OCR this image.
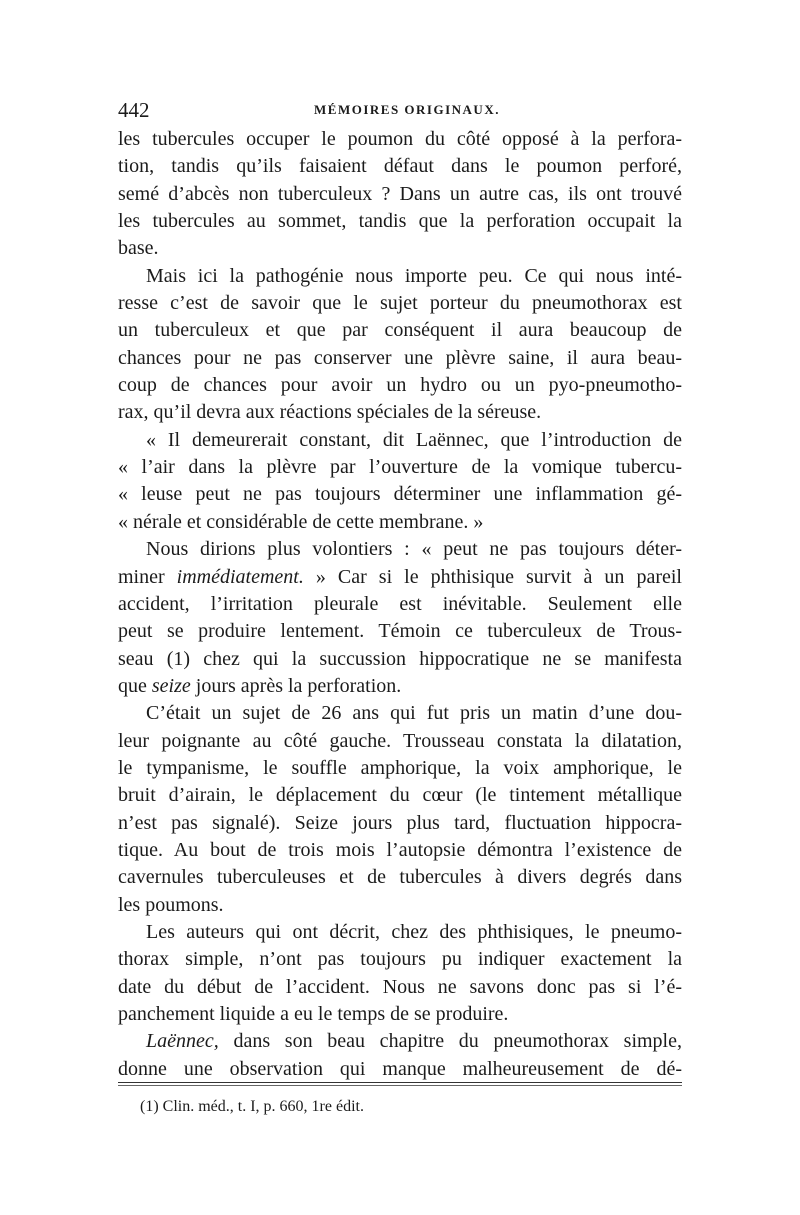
442	MÉMOIRES ORIGINAUX.
les tubercules occuper le poumon du côté opposé à la perfora-
tion, tandis qu’ils faisaient défaut dans le poumon perforé,
semé d’abcès non tuberculeux ? Dans un autre cas, ils ont trouvé
les tubercules au sommet, tandis que la perforation occupait la
base.
Mais ici la pathogénie nous importe peu. Ce qui nous inté-
resse c’est de savoir que le sujet porteur du pneumothorax est
un tuberculeux et que par conséquent il aura beaucoup de
chances pour ne pas conserver une plèvre saine, il aura beau-
coup de chances pour avoir un hydro ou un pyo-pneumotho-
rax, qu’il devra aux réactions spéciales de la séreuse.
« Il demeurerait constant, dit Laënnec, que l’introduction de
« l’air dans la plèvre par l’ouverture de la vomique tubercu-
« leuse peut ne pas toujours déterminer une inflammation gé-
« nérale et considérable de cette membrane. »
Nous dirions plus volontiers : « peut ne pas toujours déter-
miner immédiatement. » Car si le phthisique survit à un pareil
accident, l’irritation pleurale est inévitable. Seulement elle
peut se produire lentement. Témoin ce tuberculeux de Trous-
seau (1) chez qui la succussion hippocratique ne se manifesta
que seize jours après la perforation.
C’était un sujet de 26 ans qui fut pris un matin d’une dou-
leur poignante au côté gauche. Trousseau constata la dilatation,
le tympanisme, le souffle amphorique, la voix amphorique, le
bruit d’airain, le déplacement du cœur (le tintement métallique
n’est pas signalé). Seize jours plus tard, fluctuation hippocra-
tique. Au bout de trois mois l’autopsie démontra l’existence de
cavernules tuberculeuses et de tubercules à divers degrés dans
les poumons.
Les auteurs qui ont décrit, chez des phthisiques, le pneumo-
thorax simple, n’ont pas toujours pu indiquer exactement la
date du début de l’accident. Nous ne savons donc pas si l’é-
panchement liquide a eu le temps de se produire.
Laënnec, dans son beau chapitre du pneumothorax simple,
donne une observation qui manque malheureusement de dé-
(1) Clin. méd., t. I, p. 660, 1re édit.
